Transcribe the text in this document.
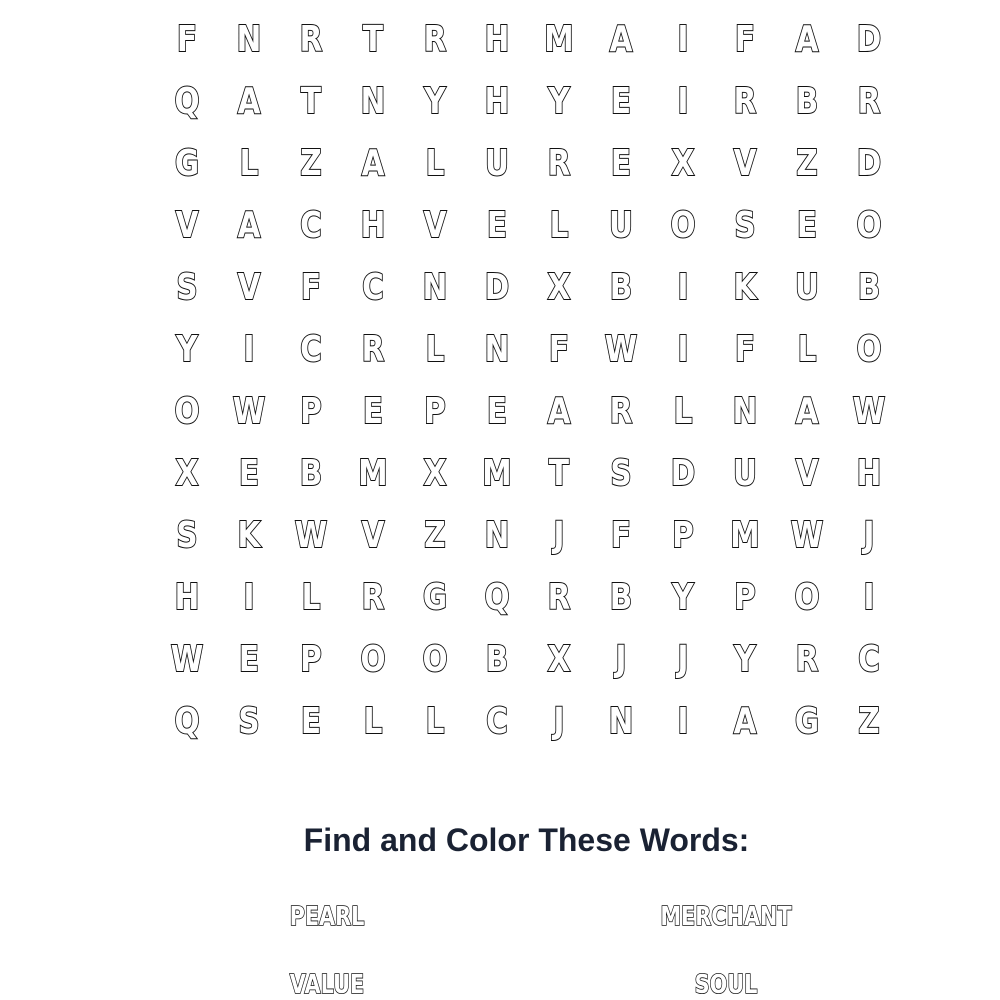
F	N	R	T	R	H M A	I	F	A	D
Q	A	T	N	Y	H	Y	E	I	R	B	R
G	L	Z	A	L	U	R	E	X	V	Z	D
V	A	C	H	V	E	L	U	O	S	E	O
S	V	F	C	N	D	X	B	I	K	U	B
Y	I	C	R	L	N	F W	I	F	L	O
O W P	E	P	E	A	R	L	N	A W
X	E	B	M X M	T	S	D	U	V	H
S	K W V	Z	N	J	F	P	M W	J
H	I	L	R	G	Q	R	B	Y	P	O	I
W E	P	O	O	B	X	J	J	Y	R	C
Q	S	E	L	L	C	J	N	I	A	G	Z
Find and Color These Words:
PEARL	MERCHANT
VALUE	SOUL
